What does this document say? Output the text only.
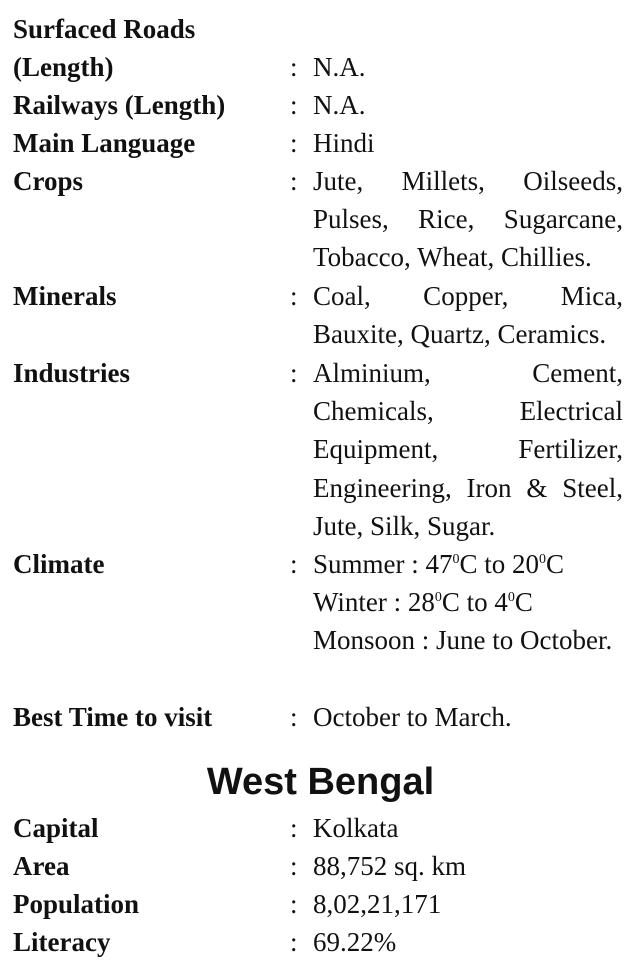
Surfaced Roads
(Length)	: N.A.
Railways (Length) : N.A.
Main Language	: Hindi
Crops	: Jute, Millets, Oilseeds, Pulses, Rice, Sugarcane, Tobacco, Wheat, Chillies.
Minerals	: Coal, Copper, Mica, Bauxite, Quartz, Ceramics.
Industries	: Alminium, Cement, Chemicals, Electrical Equipment, Fertilizer, Engineering, Iron & Steel, Jute, Silk, Sugar.
Climate	: Summer : $47^0C$ to $20^0C$
Winter : $28^0C$ to $4^0C$
Monsoon : June to October.
Best Time to visit	: October to March.
West Bengal
Capital	: Kolkata
Area	: 88,752 sq. km
Population	: 8,02,21,171
Literacy	: 69.22%
